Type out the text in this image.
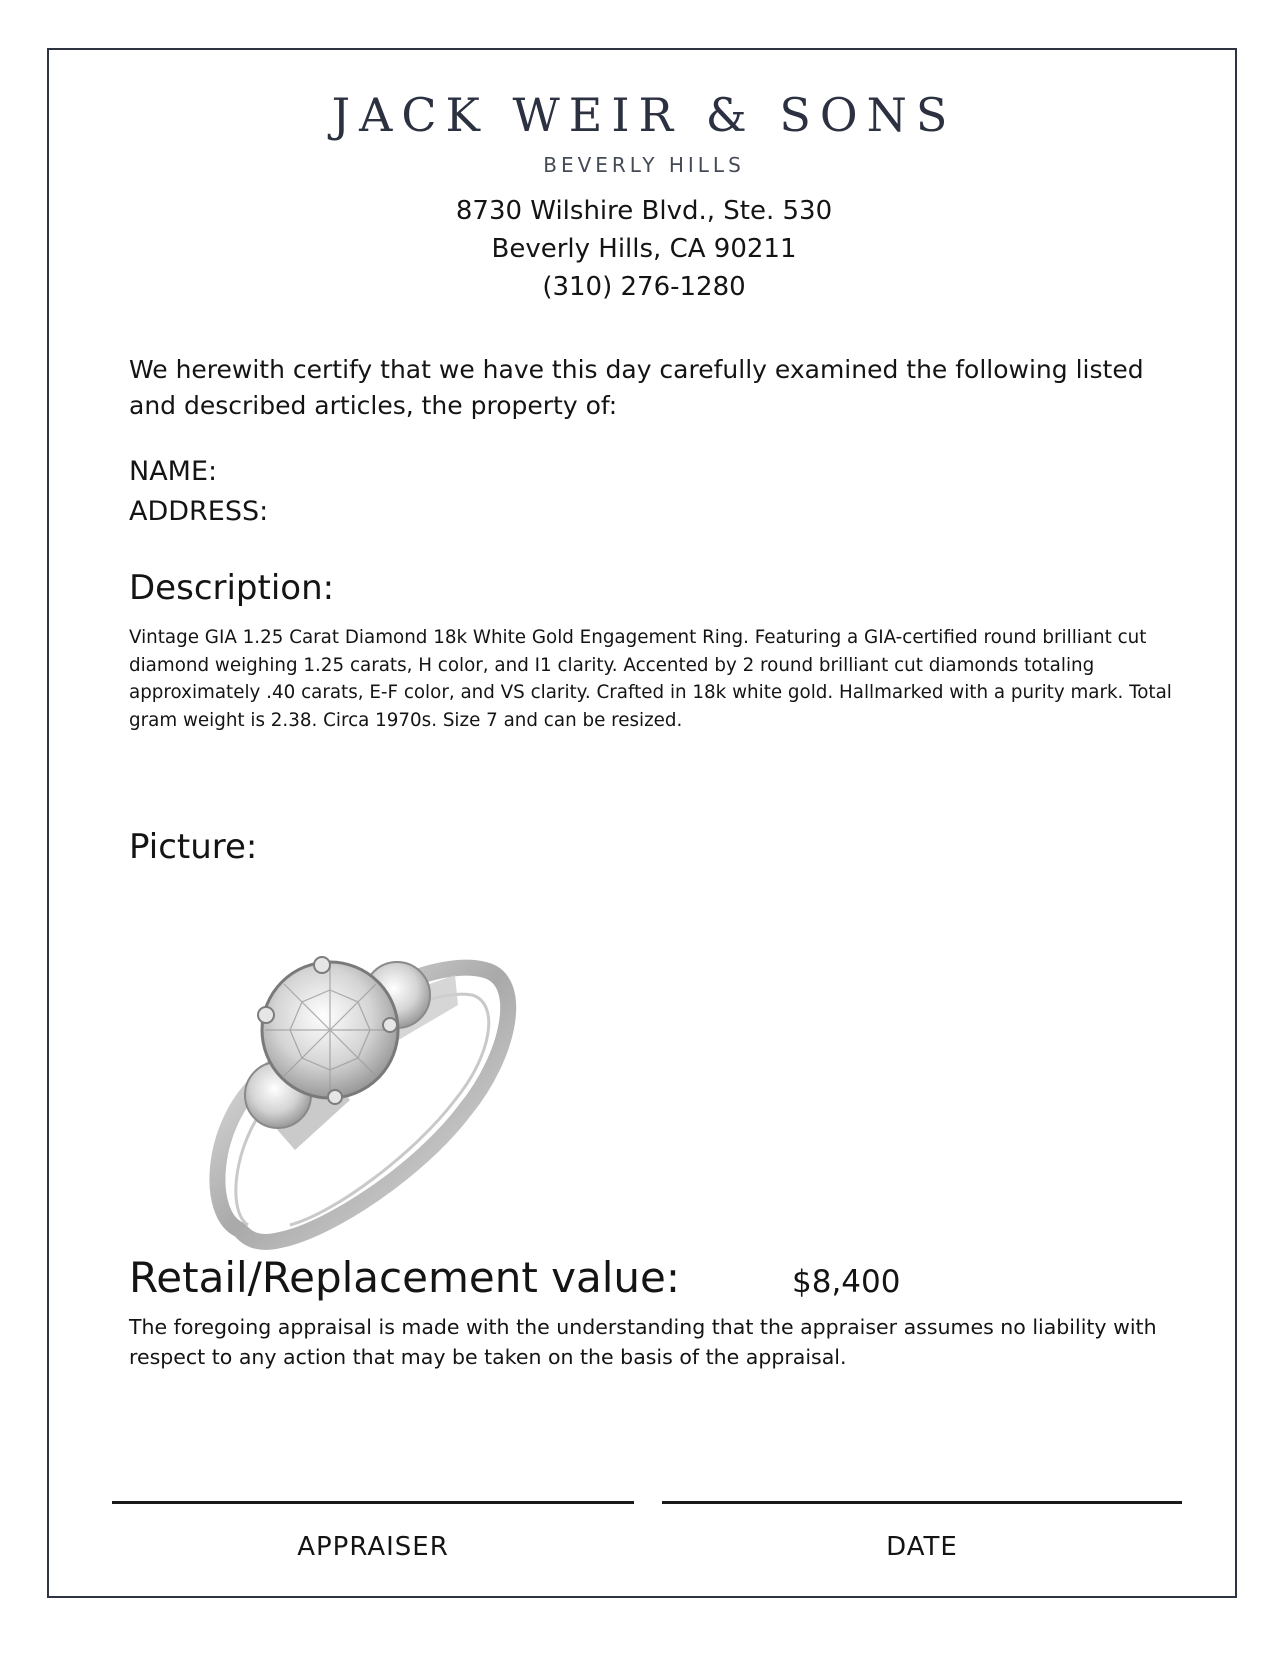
JACK WEIR & SONS
BEVERLY HILLS
8730 Wilshire Blvd., Ste. 530
Beverly Hills, CA 90211
(310) 276-1280
We herewith certify that we have this day carefully examined the following listed and described articles, the property of:
NAME:
ADDRESS:
Description:
Vintage GIA 1.25 Carat Diamond 18k White Gold Engagement Ring. Featuring a GIA-certified round brilliant cut diamond weighing 1.25 carats, H color, and I1 clarity. Accented by 2 round brilliant cut diamonds totaling approximately .40 carats, E-F color, and VS clarity. Crafted in 18k white gold. Hallmarked with a purity mark. Total gram weight is 2.38. Circa 1970s. Size 7 and can be resized.
Picture:
Retail/Replacement value:	$8,400
The foregoing appraisal is made with the understanding that the appraiser assumes no liability with respect to any action that may be taken on the basis of the appraisal.
APPRAISER	DATE
